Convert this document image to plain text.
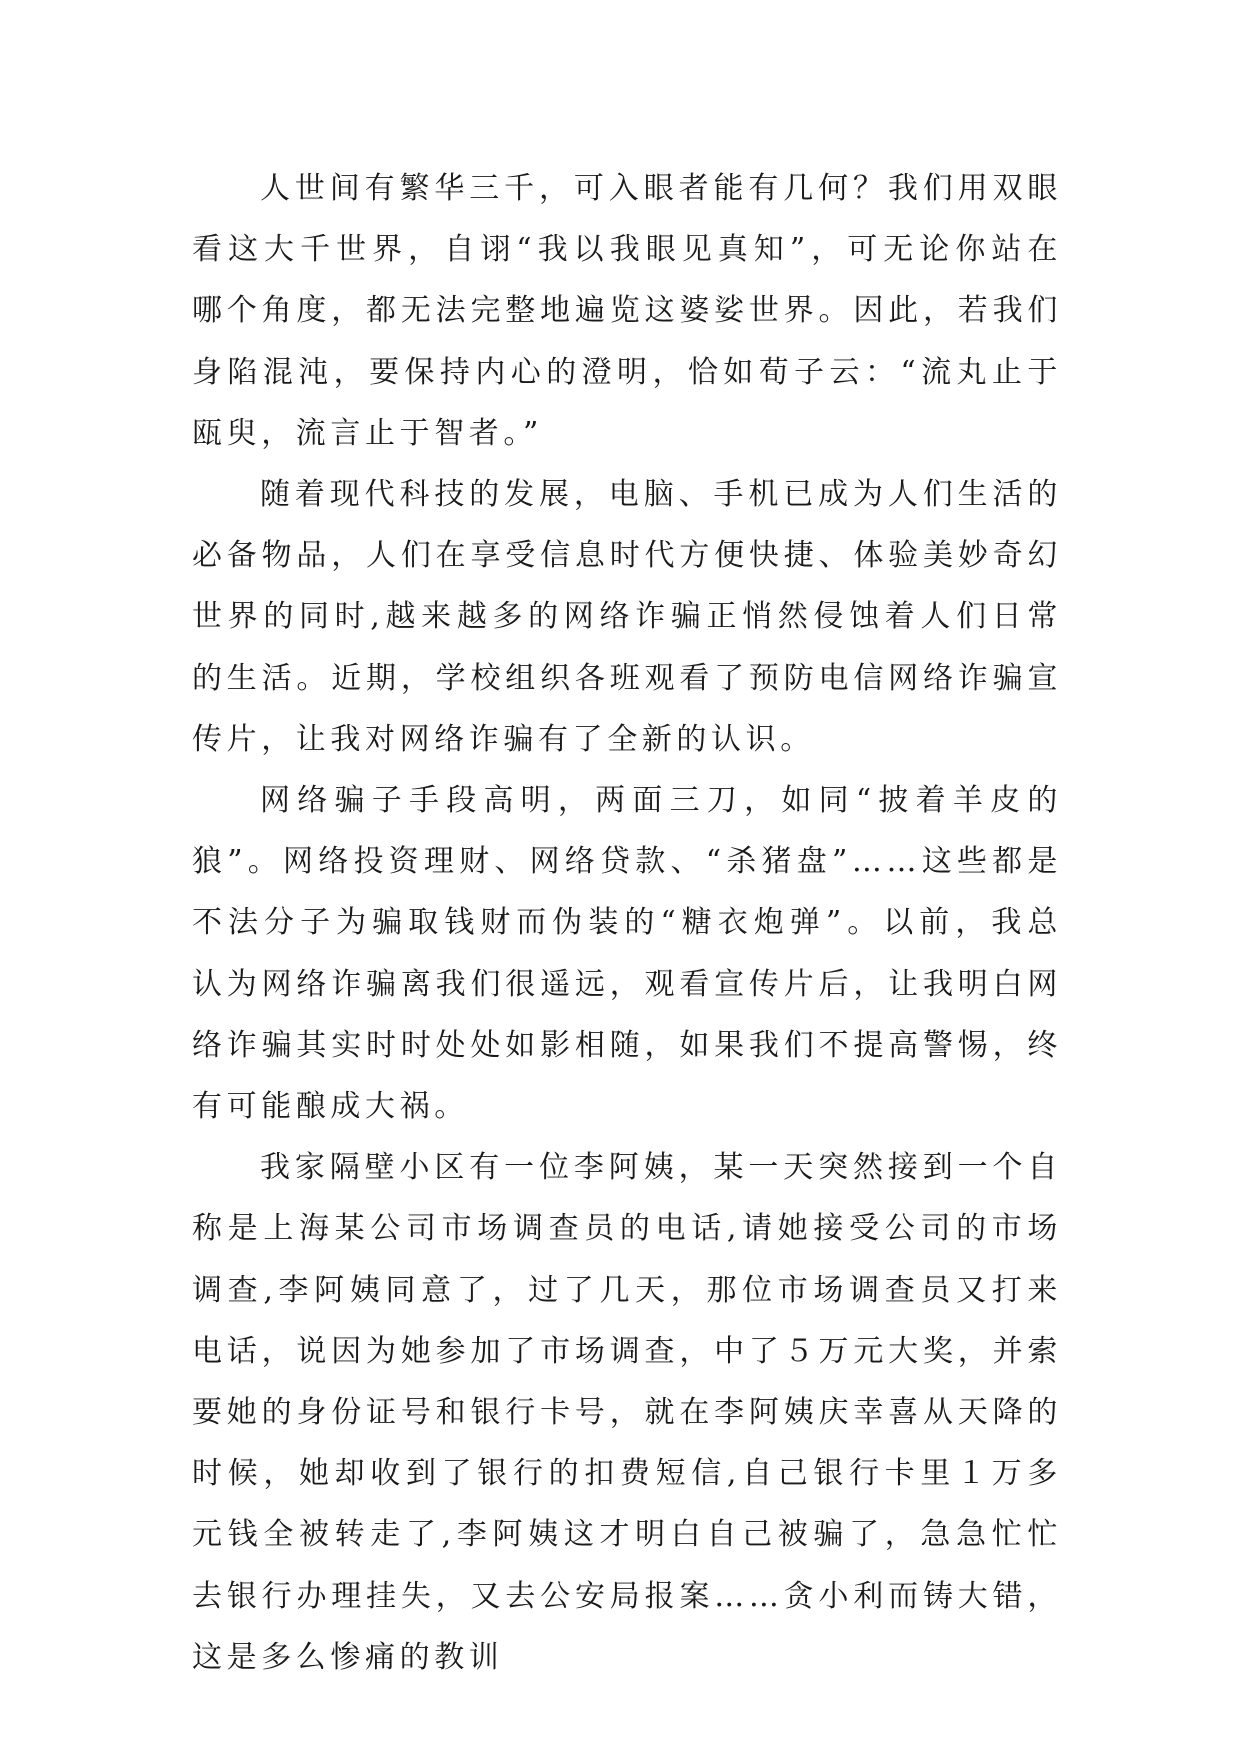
人世间有繁华三千，可入眼者能有几何？我们用双眼看这大千世界，自诩“我以我眼见真知”，可无论你站在哪个角度，都无法完整地遍览这婆娑世界。因此，若我们身陷混沌，要保持内心的澄明，恰如荀子云：“流丸止于瓯臾，流言止于智者。”

随着现代科技的发展，电脑、手机已成为人们生活的必备物品，人们在享受信息时代方便快捷、体验美妙奇幻世界的同时,越来越多的网络诈骗正悄然侵蚀着人们日常的生活。近期，学校组织各班观看了预防电信网络诈骗宣传片，让我对网络诈骗有了全新的认识。

网络骗子手段高明，两面三刀，如同“披着羊皮的狼”。网络投资理财、网络贷款、“杀猪盘”……这些都是不法分子为骗取钱财而伪装的“糖衣炮弹”。以前，我总认为网络诈骗离我们很遥远，观看宣传片后，让我明白网络诈骗其实时时处处如影相随，如果我们不提高警惕，终有可能酿成大祸。

我家隔壁小区有一位李阿姨，某一天突然接到一个自称是上海某公司市场调查员的电话,请她接受公司的市场调查,李阿姨同意了，过了几天，那位市场调查员又打来电话，说因为她参加了市场调查，中了５万元大奖，并索要她的身份证号和银行卡号，就在李阿姨庆幸喜从天降的时候，她却收到了银行的扣费短信,自己银行卡里１万多元钱全被转走了,李阿姨这才明白自己被骗了，急急忙忙去银行办理挂失，又去公安局报案……贪小利而铸大错，这是多么惨痛的教训
